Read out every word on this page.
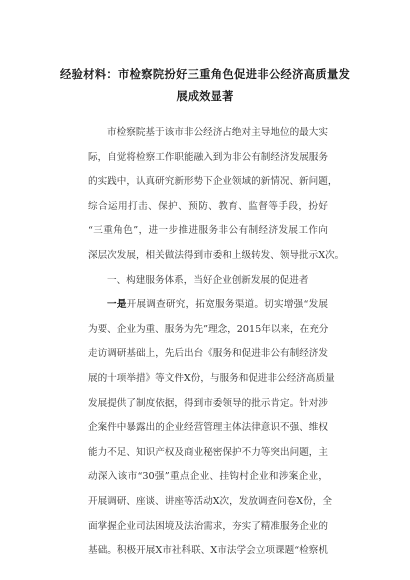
经验材料：市检察院扮好三重角色促进非公经济高质量发
展成效显著
市检察院基于该市非公经济占绝对主导地位的最大实
际，自觉将检察工作职能融入到为非公有制经济发展服务
的实践中，认真研究新形势下企业领域的新情况、新问题，
综合运用打击、保护、预防、教育、监督等手段，扮好
“三重角色”，进一步推进服务非公有制经济发展工作向
深层次发展，相关做法得到市委和上级转发、领导批示X次。
一、构建服务体系，当好企业创新发展的促进者
一是开展调查研究，拓宽服务渠道。切实增强“发展
为要、企业为重、服务为先”理念，2015年以来，在充分
走访调研基础上，先后出台《服务和促进非公有制经济发
展的十项举措》等文件X份，与服务和促进非公经济高质量
发展提供了制度依据，得到市委领导的批示肯定。针对涉
企案件中暴露出的企业经营管理主体法律意识不强、维权
能力不足、知识产权及商业秘密保护不力等突出问题，主
动深入该市“30强”重点企业、挂钩村企业和涉案企业，
开展调研、座谈、讲座等活动X次，发放调查问卷X份，全
面掌握企业司法困境及法治需求，夯实了精准服务企业的
基础。积极开展X市社科联、X市法学会立项课题“检察机
